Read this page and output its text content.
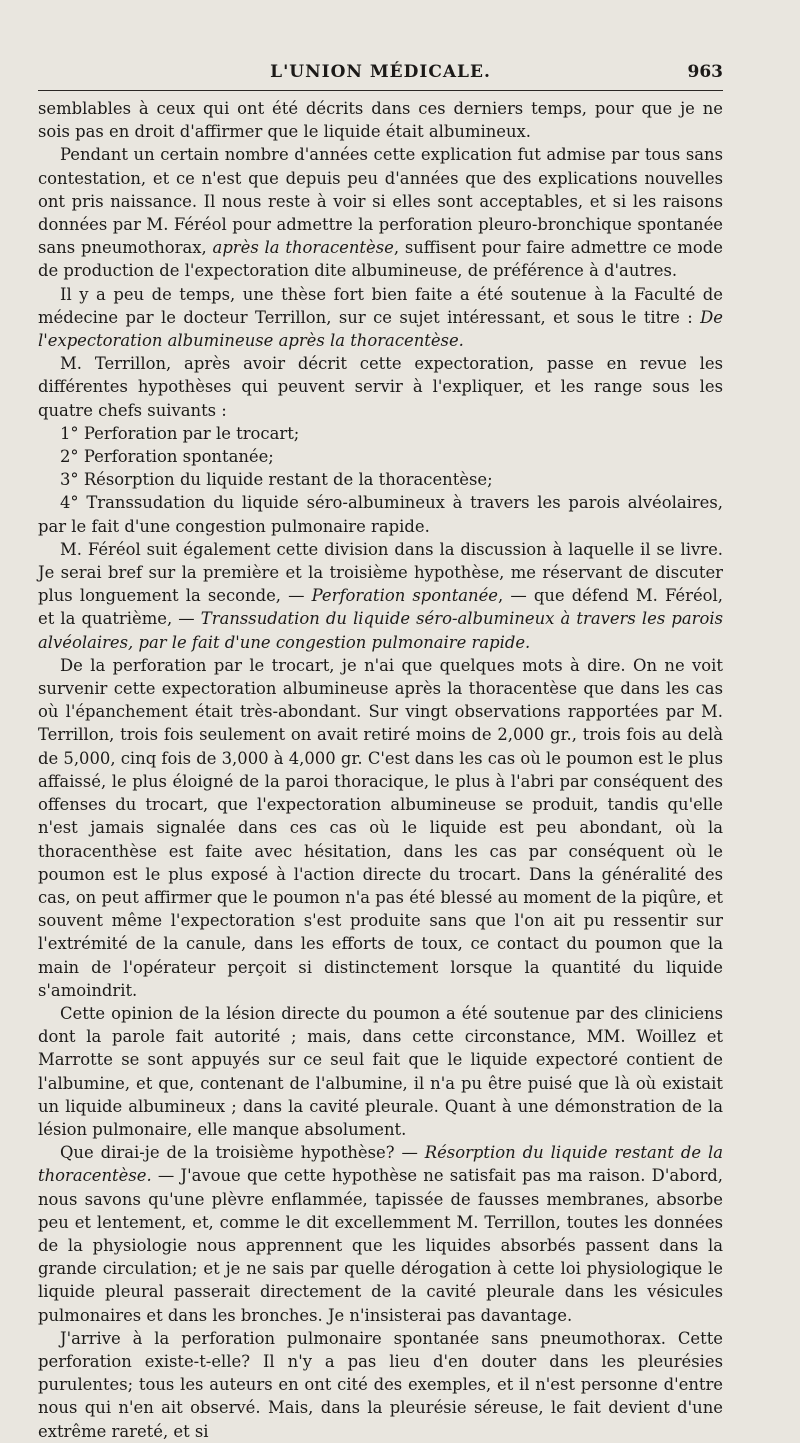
L'UNION MÉDICALE.	963

semblables à ceux qui ont été décrits dans ces derniers temps, pour que je ne sois pas en droit d'affirmer que le liquide était albumineux.

Pendant un certain nombre d'années cette explication fut admise par tous sans contestation, et ce n'est que depuis peu d'années que des explications nouvelles ont pris naissance. Il nous reste à voir si elles sont acceptables, et si les raisons données par M. Féréol pour admettre la perforation pleuro-bronchique spontanée sans pneumothorax, après la thoracentèse, suffisent pour faire admettre ce mode de production de l'expectoration dite albumineuse, de préférence à d'autres.

Il y a peu de temps, une thèse fort bien faite a été soutenue à la Faculté de médecine par le docteur Terrillon, sur ce sujet intéressant, et sous le titre : De l'expectoration albumineuse après la thoracentèse.

M. Terrillon, après avoir décrit cette expectoration, passe en revue les différentes hypothèses qui peuvent servir à l'expliquer, et les range sous les quatre chefs suivants :

1° Perforation par le trocart;

2° Perforation spontanée;

3° Résorption du liquide restant de la thoracentèse;

4° Transsudation du liquide séro-albumineux à travers les parois alvéolaires, par le fait d'une congestion pulmonaire rapide.

M. Féréol suit également cette division dans la discussion à laquelle il se livre. Je serai bref sur la première et la troisième hypothèse, me réservant de discuter plus longuement la seconde, — Perforation spontanée, — que défend M. Féréol, et la quatrième, — Transsudation du liquide séro-albumineux à travers les parois alvéolaires, par le fait d'une congestion pulmonaire rapide.

De la perforation par le trocart, je n'ai que quelques mots à dire. On ne voit survenir cette expectoration albumineuse après la thoracentèse que dans les cas où l'épanchement était très-abondant. Sur vingt observations rapportées par M. Terrillon, trois fois seulement on avait retiré moins de 2,000 gr., trois fois au delà de 5,000, cinq fois de 3,000 à 4,000 gr. C'est dans les cas où le poumon est le plus affaissé, le plus éloigné de la paroi thoracique, le plus à l'abri par conséquent des offenses du trocart, que l'expectoration albumineuse se produit, tandis qu'elle n'est jamais signalée dans ces cas où le liquide est peu abondant, où la thoracenthèse est faite avec hésitation, dans les cas par conséquent où le poumon est le plus exposé à l'action directe du trocart. Dans la généralité des cas, on peut affirmer que le poumon n'a pas été blessé au moment de la piqûre, et souvent même l'expectoration s'est produite sans que l'on ait pu ressentir sur l'extrémité de la canule, dans les efforts de toux, ce contact du poumon que la main de l'opérateur perçoit si distinctement lorsque la quantité du liquide s'amoindrit.

Cette opinion de la lésion directe du poumon a été soutenue par des cliniciens dont la parole fait autorité ; mais, dans cette circonstance, MM. Woillez et Marrotte se sont appuyés sur ce seul fait que le liquide expectoré contient de l'albumine, et que, contenant de l'albumine, il n'a pu être puisé que là où existait un liquide albumineux ; dans la cavité pleurale. Quant à une démonstration de la lésion pulmonaire, elle manque absolument.

Que dirai-je de la troisième hypothèse? — Résorption du liquide restant de la thoracentèse. — J'avoue que cette hypothèse ne satisfait pas ma raison. D'abord, nous savons qu'une plèvre enflammée, tapissée de fausses membranes, absorbe peu et lentement, et, comme le dit excellemment M. Terrillon, toutes les données de la physiologie nous apprennent que les liquides absorbés passent dans la grande circulation; et je ne sais par quelle dérogation à cette loi physiologique le liquide pleural passerait directement de la cavité pleurale dans les vésicules pulmonaires et dans les bronches. Je n'insisterai pas davantage.

J'arrive à la perforation pulmonaire spontanée sans pneumothorax. Cette perforation existe-t-elle? Il n'y a pas lieu d'en douter dans les pleurésies purulentes; tous les auteurs en ont cité des exemples, et il n'est personne d'entre nous qui n'en ait observé. Mais, dans la pleurésie séreuse, le fait devient d'une extrême rareté, et si
